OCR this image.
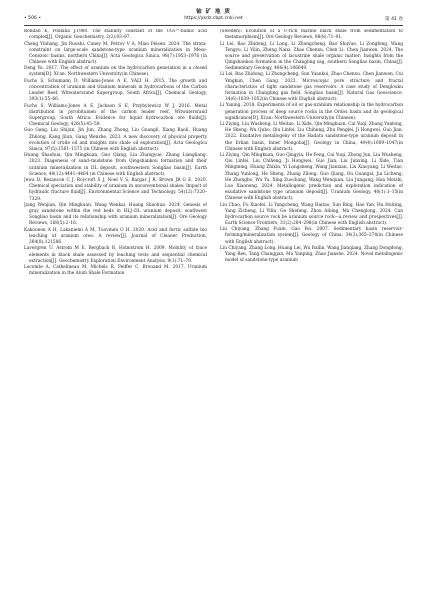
铀 矿 地 质
• 506 •	https://ykdz.cbpt.cnki.net	第 41 卷

Bohdan K, Podlaha J.1980. The stability constant of the UO₂²⁺-humic acid complex[J]. Organic Geochemistry, 2(2):93–97.

Cheng Yinhang, Jin Ruoshi, Cuney M, Petrov V A, Miao Peisen. 2024. The strata-constraint on large-scale sandstone-type uranium mineralization in Meso-Cenozoic basins, northern China[J]. Acta Geologica Sinica, 98(7):1953–1976 (in Chinese with English abstract).

Deng Yu. 2017. The effect of uranium on the hydrocarbon generation in a closed system[D]. Xi'an: Northwestern University(in Chinese).

Fuchs S, Schumann D, Williams-Jones A E, VALI H. 2015. The growth and concentration of uranium and titanium minerals in hydrocarbons of the Carbon Leader Reef, Witwatersrand Supergroup, South Africa[J]. Chemical Geology, 393(1):55–66.

Fuchs S, Williams-Jones A E, Jackson S E, Przybylowicz W J. 2016. Metal distribution in pyrobitumen of the carbon leader reef, Witwatersrand Supergroup, South Africa: Evidence for liquid hydrocarbon ore fluids[J]. Chemical Geology, 426(5):45–59.

Guo Gang, Liu Shijun, Jin Jun, Zhang Zhong, Liu Guangli, Xiang Baoli, Huang Zhilong, Kang Jilun, Gang Wenzhe. 2023. A new discovery of physical property evolution of crude oil and insights into shale oil exploration[J]. Acta Geologica Sinica, 97(5):1561–1575 (in Chinese with English abstract).

Huang Shaohua, Qin Mingkuan, Guo Qiang, Liu Zhangyue, Zhang Liangliang. 2023. Diagenesis of sand–mudstone from Qingshankou formation and their uranium mineralization in DL deposit, southwestern Songliao basin[J]. Earth Science, 48(12):4441–4464 (in Chinese with English abstract).

Jewa D, Besancon C J, Roycroft S J, Noel V S, Bargar J R, Brown JR G E. 2020. Chemical speciation and stability of uranium in unconventional shales: Impact of hydraulic fracture fluid[J]. Environmental Science and Technology, 54(12):7320–7329.

Jiang Wenjian, Qin Mingkuan, Wang Wenkai, Huang Shaohua. 2024. Genesis of gray sandstone within the red beds in HLJ–DL uranium deposit, southwest Songliao basin and its relationship with uranium mineralization[J]. Ore Geology Reviews, 168(5):2–16.

Kakoonen A H, Lakaniemi A M, Tuovinen O H. 2020. Acid and ferric sulfate bio leaching of uranium ores: A review[J]. Journal of Cleaner Production, 264(8):121586.

Lavergren U, Astrom M E, Bergback B, Holmstrom H. 2009. Mobility of trace elements in black shale assessed by leaching tests and sequential chemical extraction[J]. Geochemistry Exploration Environment Analysis, 9(1):71–79.

Lecomte A, Cathelineau M, Michels R, Peiffer C, Brouand M. 2017. Uranium mineralization in the Alum Shale Formation

(Sweden): Evolution of a U-rich marine black shale from sedimentation to metamorphism[J]. Ore Geology Reviews, 88(8):71–91.

Li Lei, Bao Zhidong, Li Long, Li Zhongcheng, Bao Shuyue, Li Zongfeng, Wang Tengyu, Li Yilin, Zheng Naixi, Zhao Chenxu, Chen Li, Chen Jianwen. 2024. The source and preservation of lacustrine shale organic matter: Insights from the Qingshankou formation in the Changling sag, southern Songliao basin, China[J]. Sedimentary Geology, 466(4):106649.

Li Lei, Bao Zhidong, Li Zhongcheng, Sun Yuankui, Zhao Chenxu, Chen Jianwen, Cui Yingkun, Chen Gang. 2023. Microscopic pore structure and fractal characteristics of tight sandstone gas reservoirs: A case study of Denglouku formation in Changling gas field, Songliao basin[J]. Natural Gas Geoscience, 34(6):1039–1052(in Chinese with English abstract).

Li Yaning. 2018. Experiments of oil or gas-uranium relationship in the hydrocarbon generation process of deep source rocks in the Ordos basin and its geological significance[D]. Xi'an: Northwestern University(in Chinese).

Li Ziying, Liu Wusheng, Li Weitao, Li Xide, Qin Mingkuan, Cai Yuqi, Zhang Yunlong, He Sheng, Wu Qubo, Qiu Linfei, Liu Chiheng, Zhu Penglei, Ji Hongwei, Guo Jian. 2022. Exudative metallogeny of the Hadatu sandstone-type uranium deposit in the Erlian basin, Inner Mongolia[J]. Geology in China, 49(4):1009–1047(in Chinese with English abstract).

Li Ziying, Qin Mingkuan, Guo Qingyin, He Feng, Cai Yuqi, Zhong Jun, Liu Wusheng, Qiu Linfei, Liu Chiheng, Ji Hongwei, Guo Jian, Liu Junxing, Li Xide, Tian Mingming, Huang Zhixin, Yi Longsheng, Wang Jianxian, Liu Xiaoyang, Li Weitao, Zhang Yunlong, He Sheng, Zhang Zilong, Guo Qiang, Ou Guangxi, Jia Licheng, He Zhongbo, Wu Yu, Xing Zuochang, Wang Wenquan, Liu Jungang, Han Meizhi, Luo Xiaoneng. 2024. Metallogenic prediction and exploration indication of exudative sandstone type uranium deposit[J]. Uranium Geology, 40(1):1–15(in Chinese with English abstract).

Liu Chao, Fu Xiaofei, Li Yangcheng, Wang Haitao, Sun Bing, Hao Yan, Hu Huiting, Yang Zicheng, Li Yilin, Ge Shefeng, Zhou Aibing, Ma Chenglong. 2024. Can hydrocarbon source rock be uranium source rock—a review and prospectives[J]. Earth Science Frontiers, 31(2):284–298(in Chinese with English abstract).

Liu Chiyang, Zhang Fuxin, Gao Fei. 2007. Sedimentary basin reservoir-forming/mineralization system[J]. Geology of China, 34(3):365–374(in Chinese with English abstract).

Liu Chiyang, Zhang Long, Huang Lei, Wu Bailin, Wang Jianqiang, Zhang Dongdong, Yang Ren, Tang Changgan, Ma Yanping, Zhao Jianshe. 2024. Novel metallogenic model of sandstone-type uranium
